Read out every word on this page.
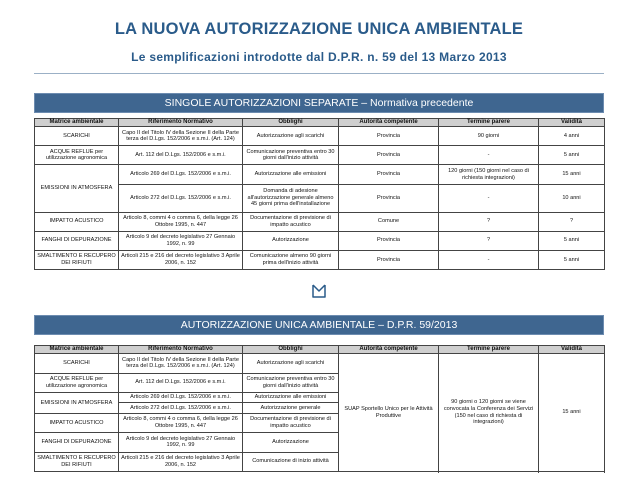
LA NUOVA AUTORIZZAZIONE UNICA AMBIENTALE
Le semplificazioni introdotte dal D.P.R. n. 59 del 13 Marzo 2013
SINGOLE AUTORIZZAZIONI SEPARATE – Normativa precedente
Matrice ambientale	Riferimento Normativo	Obblighi	Autorità competente	Termine parere	Validità
SCARICHI	Capo II del Titolo IV della Sezione II della Parte terza del D.Lgs. 152/2006 e s.m.i. (Art. 124)	Autorizzazione agli scarichi	Provincia	90 giorni	4 anni
ACQUE REFLUE per utilizzazione agronomica	Art. 112 del D.Lgs. 152/2006 e s.m.i.	Comunicazione preventiva entro 30 giorni dall'inizio attività	Provincia	-	5 anni
EMISSIONI IN ATMOSFERA	Articolo 269 del D.Lgs. 152/2006 e s.m.i.	Autorizzazione alle emissioni	Provincia	120 giorni (150 giorni nel caso di richiesta integrazioni)	15 anni
	Articolo 272 del D.Lgs. 152/2006 e s.m.i.	Domanda di adesione all'autorizzazione generale almeno 45 giorni prima dell'installazione	Provincia	-	10 anni
IMPATTO ACUSTICO	Articolo 8, commi 4 o comma 6, della legge 26 Ottobre 1995, n. 447	Documentazione di previsione di impatto acustico	Comune	?	?
FANGHI DI DEPURAZIONE	Articolo 9 del decreto legislativo 27 Gennaio 1992, n. 99	Autorizzazione	Provincia	?	5 anni
SMALTIMENTO E RECUPERO DEI RIFIUTI	Articoli 215 e 216 del decreto legislativo 3 Aprile 2006, n. 152	Comunicazione almeno 90 giorni prima dell'inizio attività	Provincia	-	5 anni
AUTORIZZAZIONE UNICA AMBIENTALE – D.P.R. 59/2013
Matrice ambientale	Riferimento Normativo	Obblighi	Autorità competente	Termine parere	Validità
SCARICHI	Capo II del Titolo IV della Sezione II della Parte terza del D.Lgs. 152/2006 e s.m.i. (Art. 124)	Autorizzazione agli scarichi	SUAP Sportello Unico per le Attività Produttive	90 giorni o 120 giorni se viene convocata la Conferenza dei Servizi (150 nel caso di richiesta di integrazioni)	15 anni
ACQUE REFLUE per utilizzazione agronomica	Art. 112 del D.Lgs. 152/2006 e s.m.i.	Comunicazione preventiva entro 30 giorni dall'inizio attività			
EMISSIONI IN ATMOSFERA	Articolo 269 del D.Lgs. 152/2006 e s.m.i.	Autorizzazione alle emissioni			
	Articolo 272 del D.Lgs. 152/2006 e s.m.i.	Autorizzazione generale			
IMPATTO ACUSTICO	Articolo 8, commi 4 o comma 6, della legge 26 Ottobre 1995, n. 447	Documentazione di previsione di impatto acustico			
FANGHI DI DEPURAZIONE	Articolo 9 del decreto legislativo 27 Gennaio 1992, n. 99	Autorizzazione			
SMALTIMENTO E RECUPERO DEI RIFIUTI	Articoli 215 e 216 del decreto legislativo 3 Aprile 2006, n. 152	Comunicazione di inizio attività			
